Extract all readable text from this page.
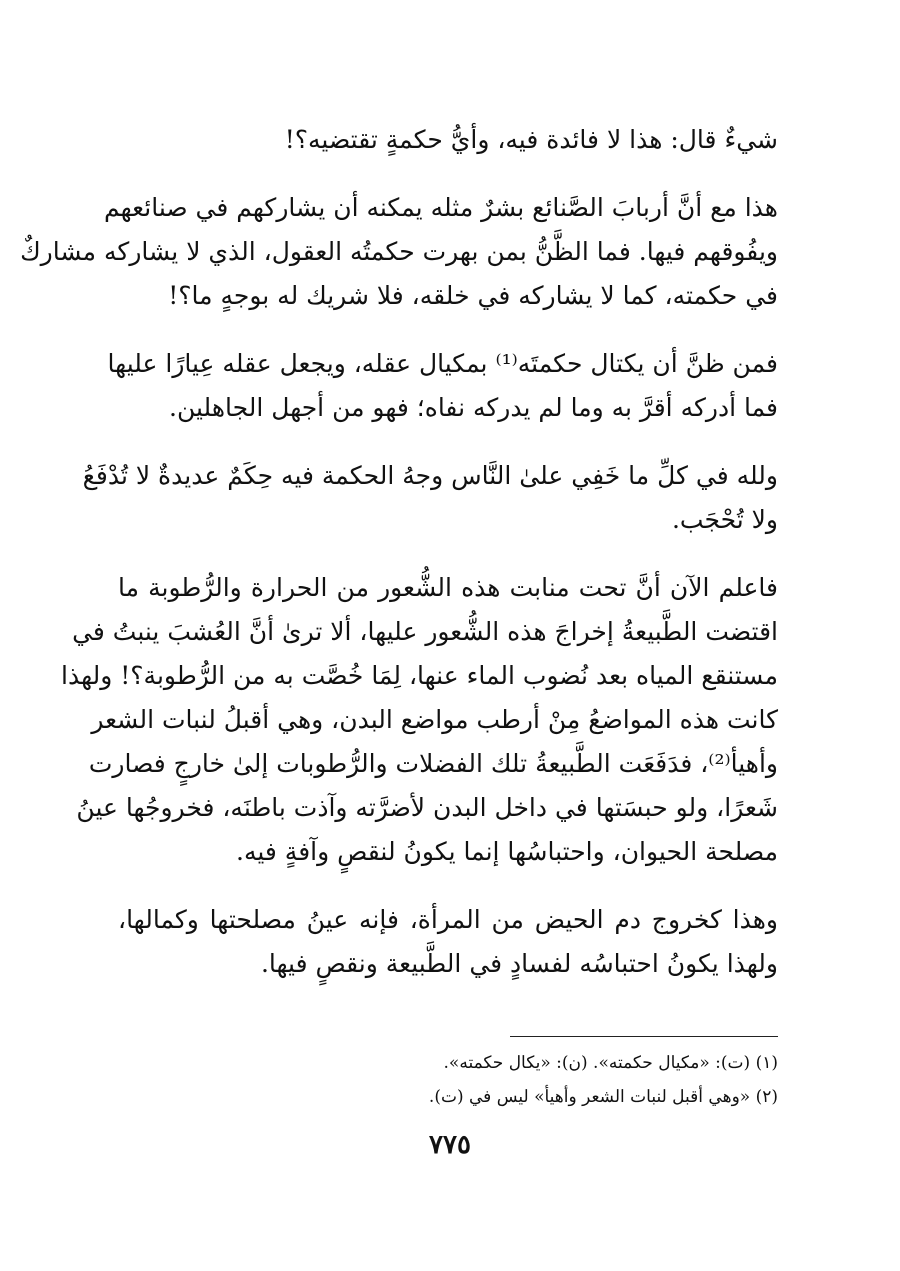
شيءٌ قال: هذا لا فائدة فيه، وأيُّ حكمةٍ تقتضيه؟!
هذا مع أنَّ أربابَ الصَّنائع بشرٌ مثله يمكنه أن يشاركهم في صنائعهم
ويفُوقهم فيها. فما الظَّنُّ بمن بهرت حكمتُه العقول، الذي لا يشاركه مشاركٌ
في حكمته، كما لا يشاركه في خلقه، فلا شريك له بوجهٍ ما؟!
فمن ظنَّ أن يكتال حكمتَه⁽¹⁾ بمكيال عقله، ويجعل عقله عِيارًا عليها
فما أدركه أقرَّ به وما لم يدركه نفاه؛ فهو من أجهل الجاهلين.
ولله في كلِّ ما خَفِي علىٰ النَّاس وجهُ الحكمة فيه حِكَمٌ عديدةٌ لا تُدْفَعُ
ولا تُحْجَب.
فاعلم الآن أنَّ تحت منابت هذه الشُّعور من الحرارة والرُّطوبة ما
اقتضت الطَّبيعةُ إخراجَ هذه الشُّعور عليها، ألا ترىٰ أنَّ العُشبَ ينبتُ في
مستنقع المياه بعد نُضوب الماء عنها، لِمَا خُصَّت به من الرُّطوبة؟! ولهذا
كانت هذه المواضعُ مِنْ أرطب مواضع البدن، وهي أقبلُ لنبات الشعر
وأهيأ⁽²⁾، فدَفَعَت الطَّبيعةُ تلك الفضلات والرُّطوبات إلىٰ خارجٍ فصارت
شَعرًا، ولو حبسَتها في داخل البدن لأضرَّته وآذت باطنَه، فخروجُها عينُ
مصلحة الحيوان، واحتباسُها إنما يكونُ لنقصٍ وآفةٍ فيه.
وهذا كخروج دم الحيض من المرأة، فإنه عينُ مصلحتها وكمالها،
ولهذا يكونُ احتباسُه لفسادٍ في الطَّبيعة ونقصٍ فيها.
(١) (ت): «مكيال حكمته». (ن): «يكال حكمته».
(٢) «وهي أقبل لنبات الشعر وأهيأ» ليس في (ت).
٧٧٥
